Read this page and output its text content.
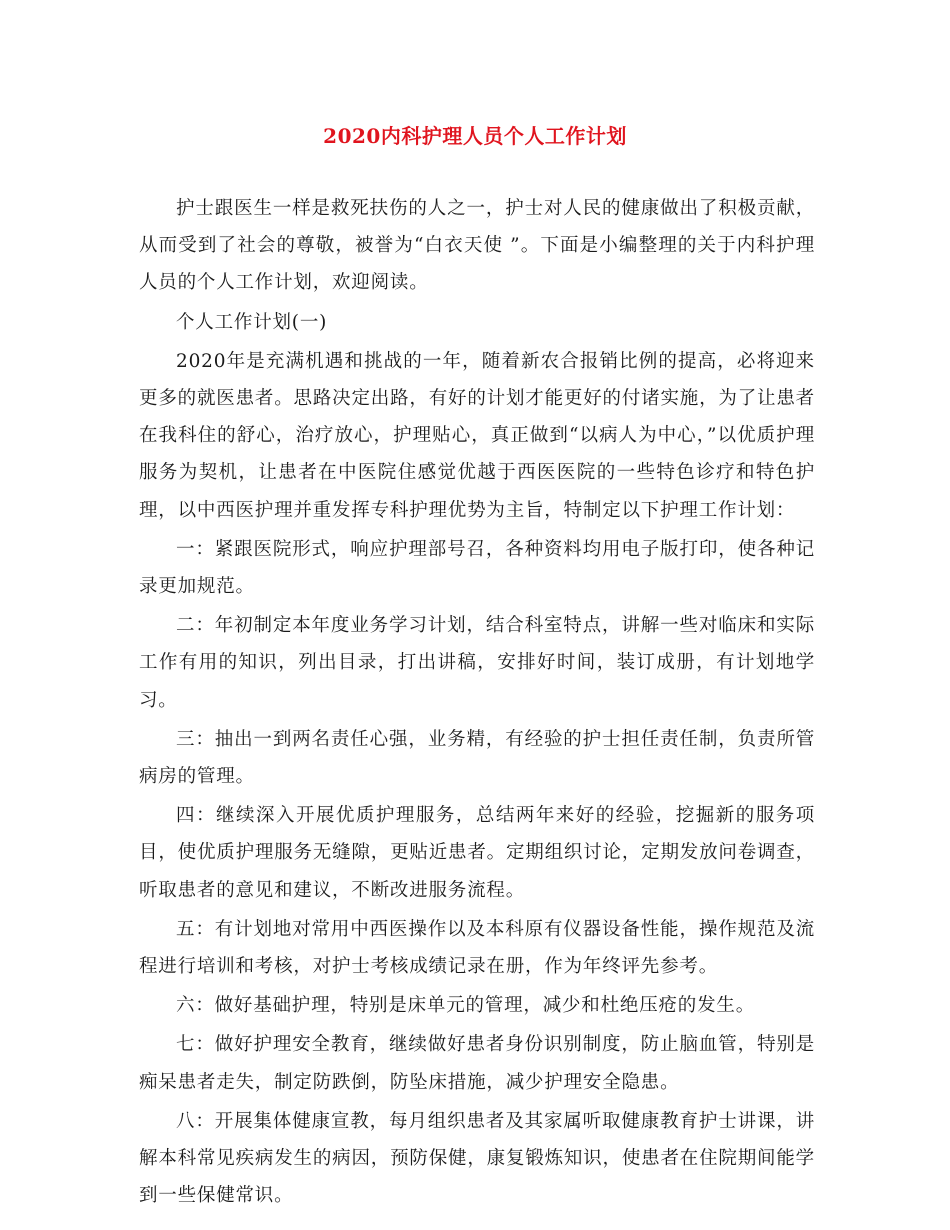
2020内科护理人员个人工作计划

护士跟医生一样是救死扶伤的人之一，护士对人民的健康做出了积极贡献，从而受到了社会的尊敬，被誉为“白衣天使 ”。下面是小编整理的关于内科护理人员的个人工作计划，欢迎阅读。

个人工作计划(一)

2020年是充满机遇和挑战的一年，随着新农合报销比例的提高，必将迎来更多的就医患者。思路决定出路，有好的计划才能更好的付诸实施，为了让患者在我科住的舒心，治疗放心，护理贴心，真正做到“以病人为中心，”以优质护理服务为契机，让患者在中医院住感觉优越于西医医院的一些特色诊疗和特色护理，以中西医护理并重发挥专科护理优势为主旨，特制定以下护理工作计划：

一：紧跟医院形式，响应护理部号召，各种资料均用电子版打印，使各种记录更加规范。

二：年初制定本年度业务学习计划，结合科室特点，讲解一些对临床和实际工作有用的知识，列出目录，打出讲稿，安排好时间，装订成册，有计划地学习。

三：抽出一到两名责任心强，业务精，有经验的护士担任责任制，负责所管病房的管理。

四：继续深入开展优质护理服务，总结两年来好的经验，挖掘新的服务项目，使优质护理服务无缝隙，更贴近患者。定期组织讨论，定期发放问卷调查，听取患者的意见和建议，不断改进服务流程。

五：有计划地对常用中西医操作以及本科原有仪器设备性能，操作规范及流程进行培训和考核，对护士考核成绩记录在册，作为年终评先参考。

六：做好基础护理，特别是床单元的管理，减少和杜绝压疮的发生。

七：做好护理安全教育，继续做好患者身份识别制度，防止脑血管，特别是痴呆患者走失，制定防跌倒，防坠床措施，减少护理安全隐患。

八：开展集体健康宣教，每月组织患者及其家属听取健康教育护士讲课，讲解本科常见疾病发生的病因，预防保健，康复锻炼知识，使患者在住院期间能学到一些保健常识。
